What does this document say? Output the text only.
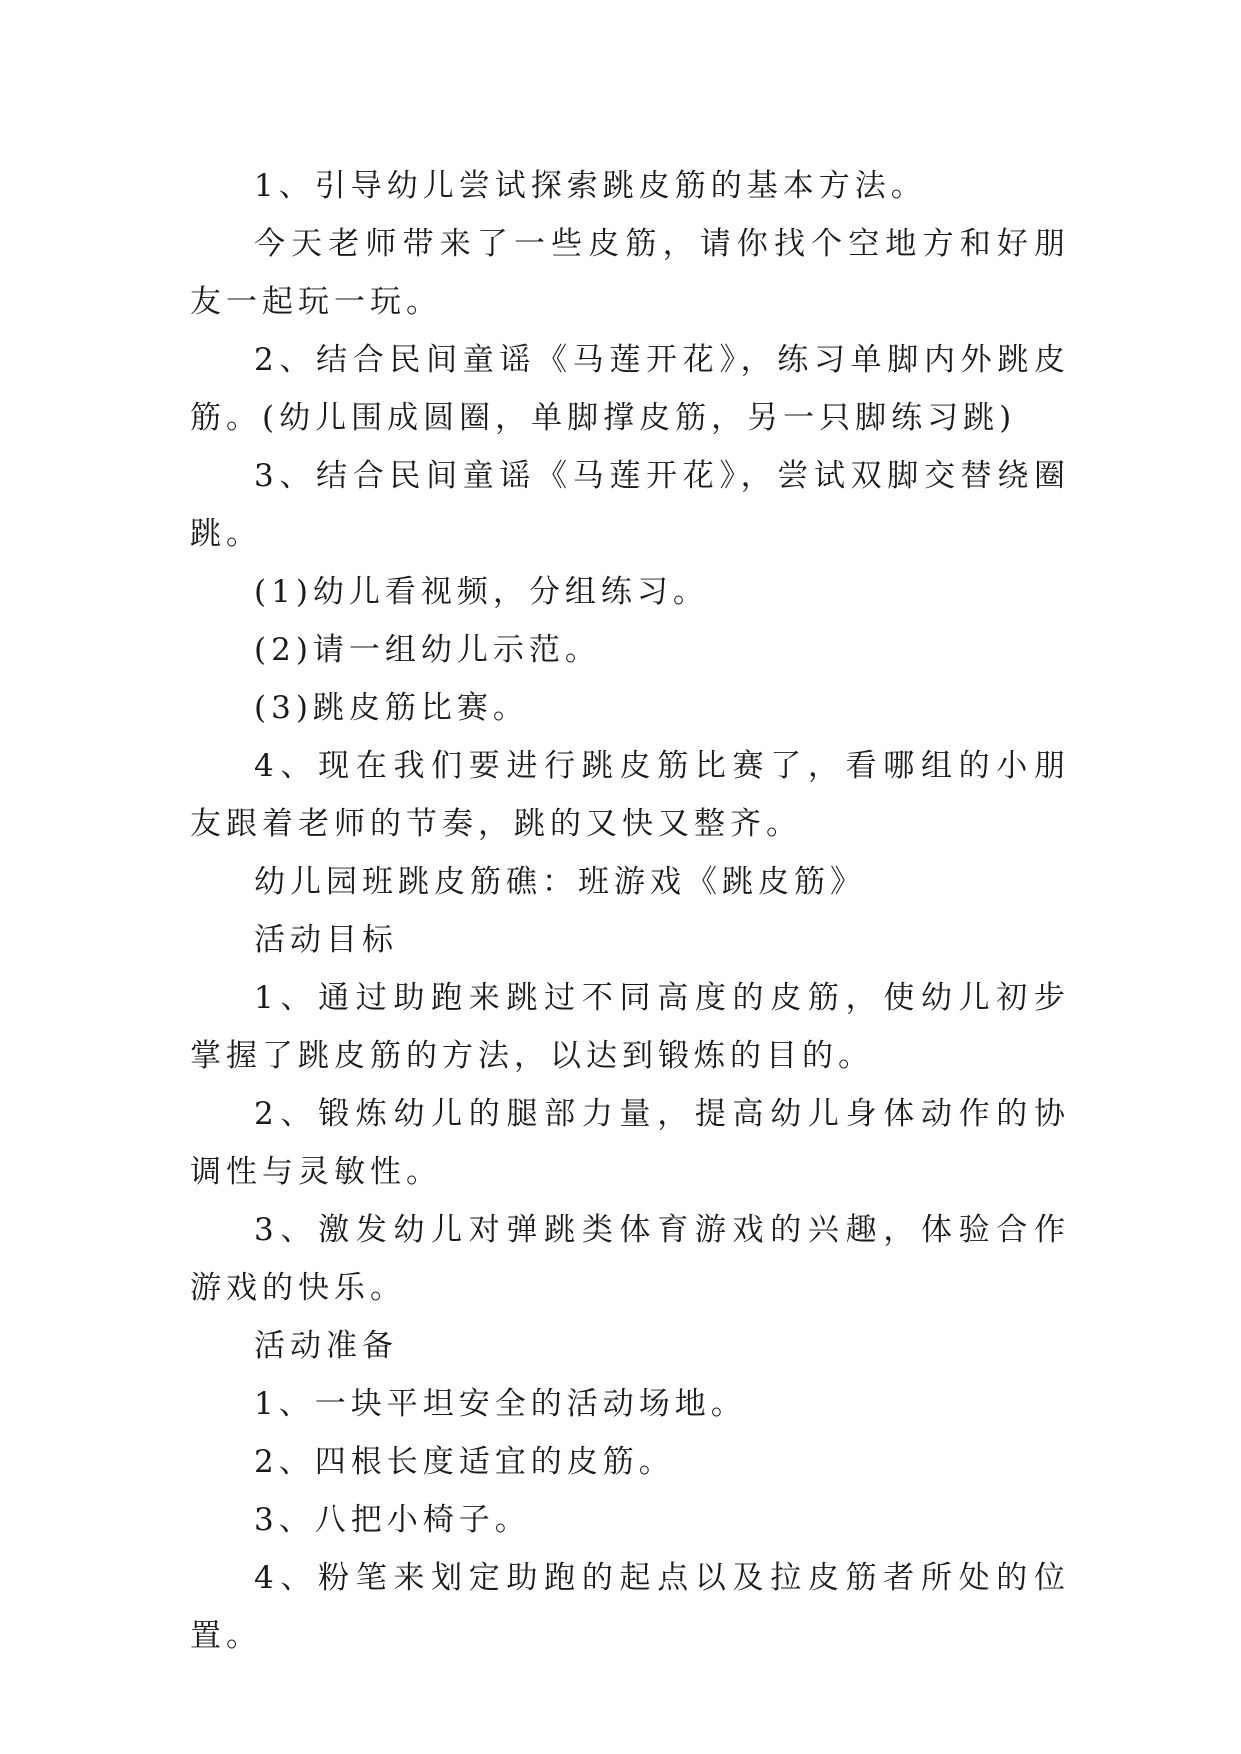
1、引导幼儿尝试探索跳皮筋的基本方法。

今天老师带来了一些皮筋，请你找个空地方和好朋友一起玩一玩。

2、结合民间童谣《马莲开花》，练习单脚内外跳皮筋。(幼儿围成圆圈，单脚撑皮筋，另一只脚练习跳)

3、结合民间童谣《马莲开花》，尝试双脚交替绕圈跳。

(1)幼儿看视频，分组练习。

(2)请一组幼儿示范。

(3)跳皮筋比赛。

4、现在我们要进行跳皮筋比赛了，看哪组的小朋友跟着老师的节奏，跳的又快又整齐。

幼儿园班跳皮筋礁：班游戏《跳皮筋》

活动目标

1、通过助跑来跳过不同高度的皮筋，使幼儿初步掌握了跳皮筋的方法，以达到锻炼的目的。

2、锻炼幼儿的腿部力量，提高幼儿身体动作的协调性与灵敏性。

3、激发幼儿对弹跳类体育游戏的兴趣，体验合作游戏的快乐。

活动准备

1、一块平坦安全的活动场地。

2、四根长度适宜的皮筋。

3、八把小椅子。

4、粉笔来划定助跑的起点以及拉皮筋者所处的位置。
